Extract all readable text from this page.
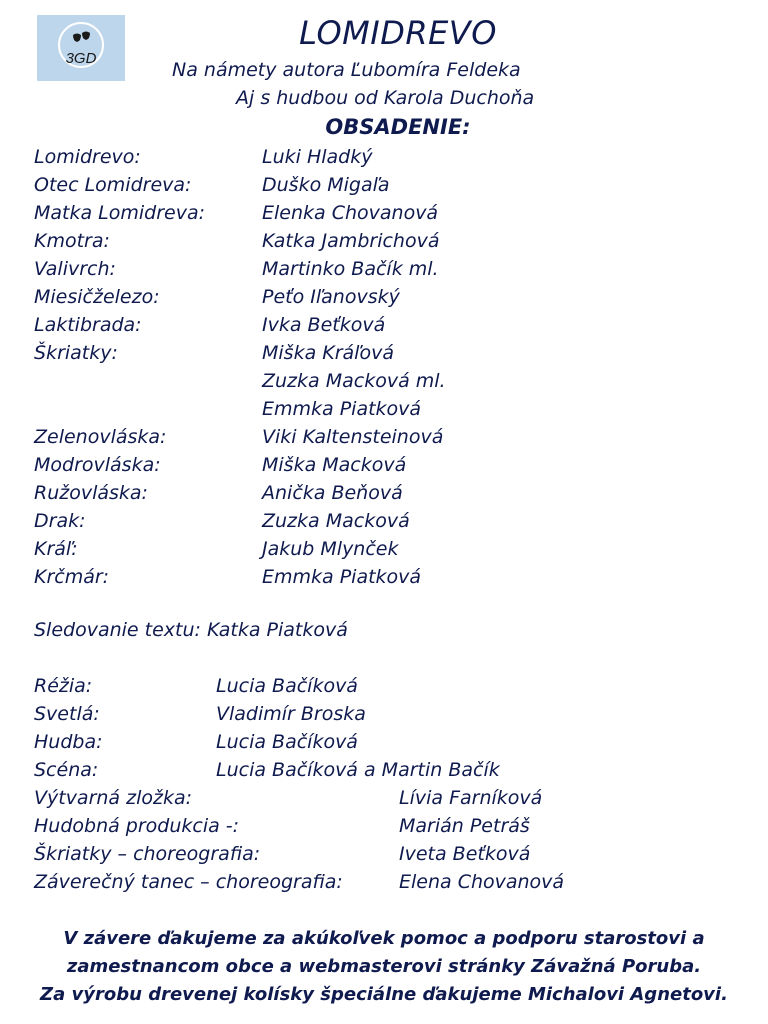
3GD
LOMIDREVO
Na námety autora Ľubomíra Feldeka
Aj s hudbou od Karola Duchoňa
OBSADENIE:
Lomidrevo:	Luki Hladký
Otec Lomidreva:	Duško Migaľa
Matka Lomidreva:	Elenka Chovanová
Kmotra:	Katka Jambrichová
Valivrch:	Martinko Bačík ml.
Miesičželezo:	Peťo Iľanovský
Laktibrada:	Ivka Beťková
Škriatky:	Miška Kráľová
Zuzka Macková ml.
Emmka Piatková
Zelenovláska:	Viki Kaltensteinová
Modrovláska:	Miška Macková
Ružovláska:	Anička Beňová
Drak:	Zuzka Macková
Kráľ:	Jakub Mlynček
Krčmár:	Emmka Piatková
Sledovanie textu: Katka Piatková
Réžia:	Lucia Bačíková
Svetlá:	Vladimír Broska
Hudba:	Lucia Bačíková
Scéna:	Lucia Bačíková a Martin Bačík
Výtvarná zložka:	Lívia Farníková
Hudobná produkcia -:	Marián Petráš
Škriatky – choreografia:	Iveta Beťková
Záverečný tanec – choreografia:	Elena Chovanová
V závere ďakujeme za akúkoľvek pomoc a podporu starostovi a
zamestnancom obce a webmasterovi stránky Závažná Poruba.
Za výrobu drevenej kolísky špeciálne ďakujeme Michalovi Agnetovi.
